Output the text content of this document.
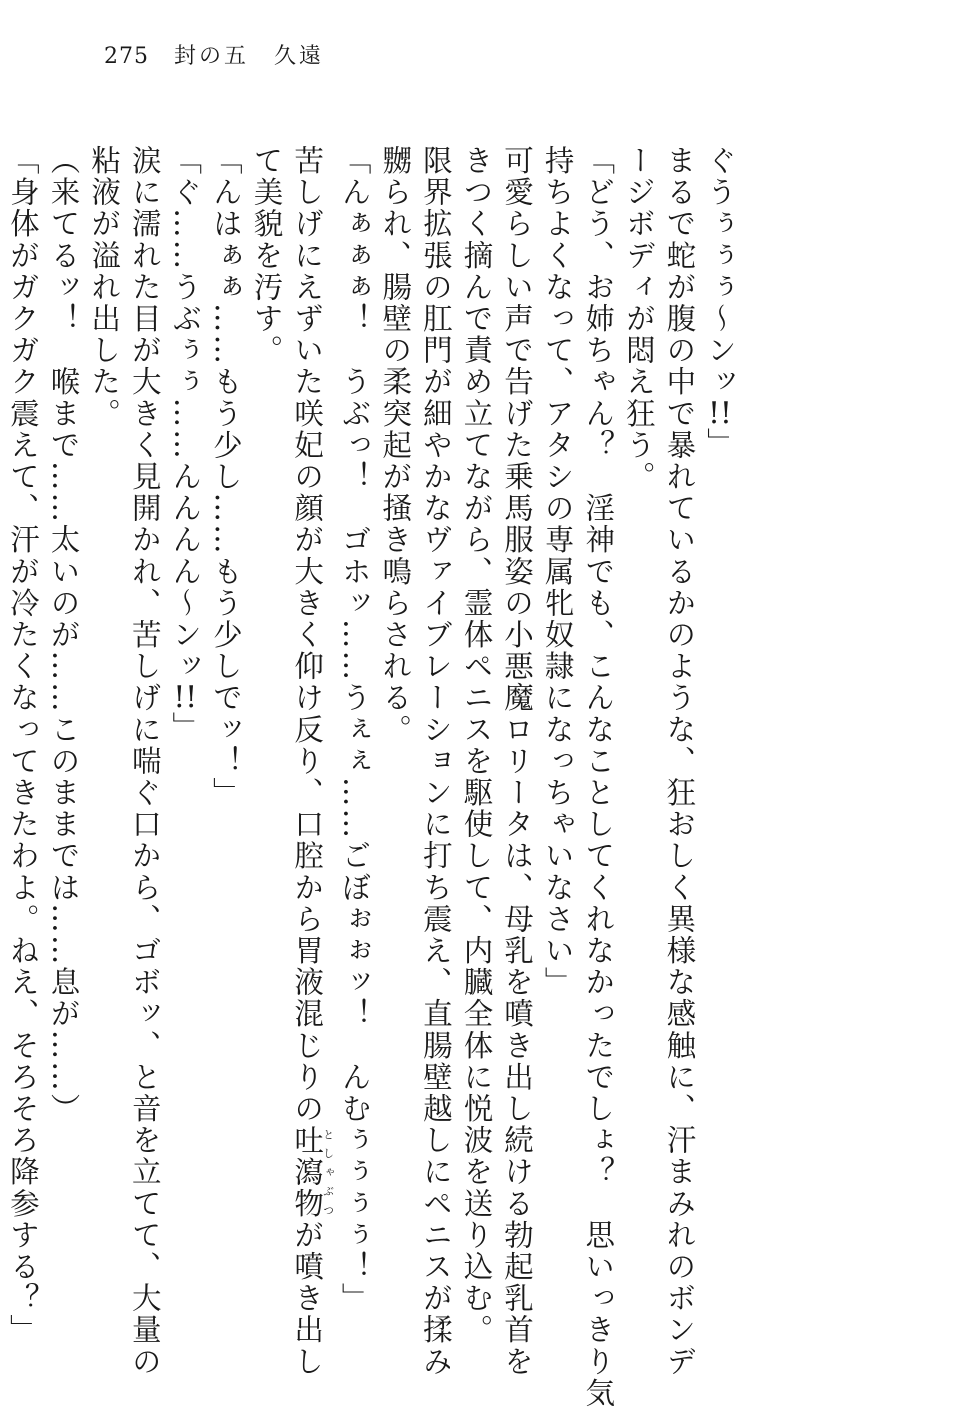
275 封の五　久遠
ぐうぅぅぅ〜ンッ!!」
まるで蛇が腹の中で暴れているかのような、狂おしく異様な感触に、汗まみれのボンデ
ージボディが悶え狂う。
「どう、お姉ちゃん？　淫神でも、こんなことしてくれなかったでしょ？　思いっきり気
持ちよくなって、アタシの専属牝奴隷になっちゃいなさい」
可愛らしい声で告げた乗馬服姿の小悪魔ロリータは、母乳を噴き出し続ける勃起乳首を
きつく摘んで責め立てながら、霊体ペニスを駆使して、内臓全体に悦波を送り込む。
限界拡張の肛門が細やかなヴァイブレーションに打ち震え、直腸壁越しにペニスが揉み
嬲られ、腸壁の柔突起が掻き鳴らされる。
「んぁぁぁ！　うぶっ！　ゴホッ……うぇぇ……ごぼぉぉッ！　んむぅぅぅぅ！」
苦しげにえずいた咲妃の顔が大きく仰け反り、口腔から胃液混じりの吐瀉物としゃぶつが噴き出し
て美貌を汚す。
「んはぁぁ……もう少し……もう少しでッ！」
「ぐ……うぶぅぅ……んんんん〜ンッ!!」
涙に濡れた目が大きく見開かれ、苦しげに喘ぐ口から、ゴボッ、と音を立てて、大量の
粘液が溢れ出した。
（来てるッ！　喉まで……太いのが……このままでは……息が……）
「身体がガクガク震えて、汗が冷たくなってきたわよ。ねえ、そろそろ降参する？」
